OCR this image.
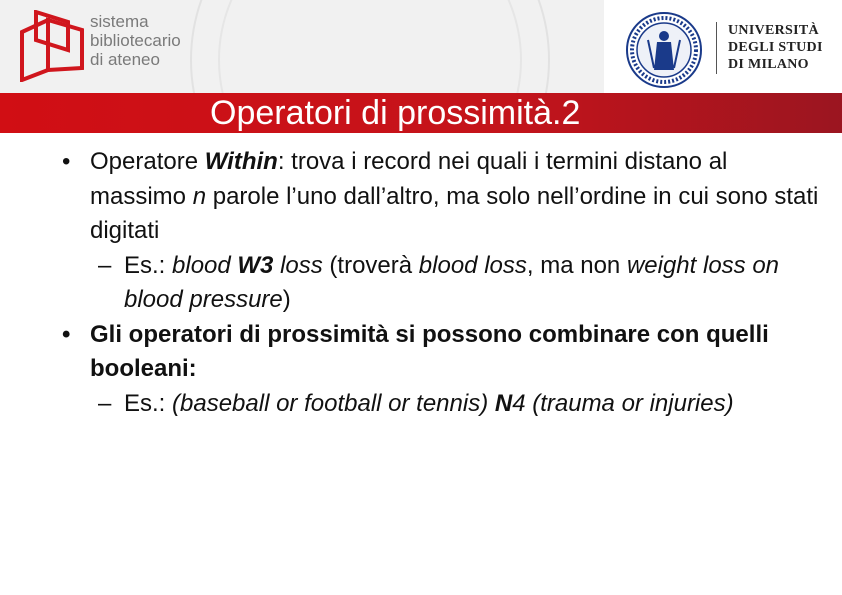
sistema
bibliotecario
di ateneo
UNIVERSITÀ
DEGLI STUDI
DI MILANO
Operatori di prossimità.2

• Operatore Within: trova i record nei quali i termini distano al massimo n parole l’uno dall’altro, ma solo nell’ordine in cui sono stati digitati

– Es.: blood W3 loss (troverà blood loss, ma non weight loss on blood pressure)

• Gli operatori di prossimità si possono combinare con quelli booleani:

– Es.: (baseball or football or tennis) N4 (trauma or injuries)
